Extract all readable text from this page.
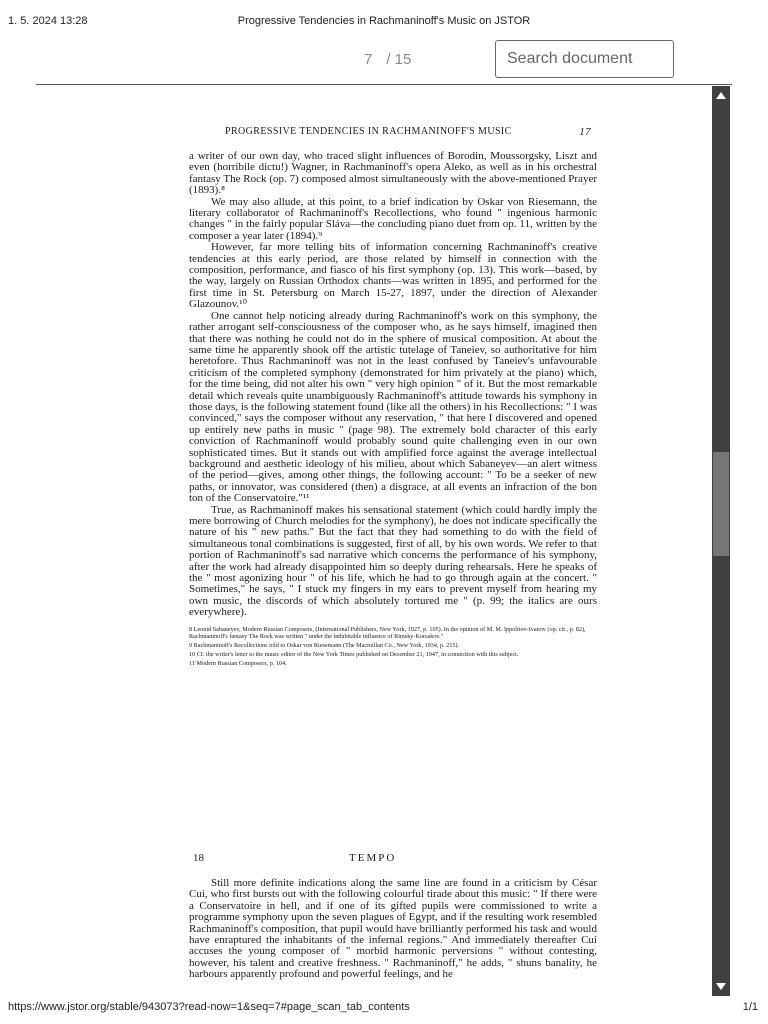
1. 5. 2024 13:28	Progressive Tendencies in Rachmaninoff's Music on JSTOR
7 / 15	Search document
PROGRESSIVE TENDENCIES IN RACHMANINOFF'S MUSIC	17

a writer of our own day, who traced slight influences of Borodin, Moussorgsky, Liszt and even (horribile dictu!) Wagner, in Rachmaninoff's opera Aleko, as well as in his orchestral fantasy The Rock (op. 7) composed almost simultaneously with the above-mentioned Prayer (1893).⁸

We may also allude, at this point, to a brief indication by Oskar von Riesemann, the literary collaborator of Rachmaninoff's Recollections, who found " ingenious harmonic changes " in the fairly popular Sláva—the concluding piano duet from op. 11, written by the composer a year later (1894).⁹

However, far more telling bits of information concerning Rachmaninoff's creative tendencies at this early period, are those related by himself in connection with the composition, performance, and fiasco of his first symphony (op. 13). This work—based, by the way, largely on Russian Orthodox chants—was written in 1895, and performed for the first time in St. Petersburg on March 15-27, 1897, under the direction of Alexander Glazounov.¹⁰

One cannot help noticing already during Rachmaninoff's work on this symphony, the rather arrogant self-consciousness of the composer who, as he says himself, imagined then that there was nothing he could not do in the sphere of musical composition. At about the same time he apparently shook off the artistic tutelage of Taneiev, so authoritative for him heretofore. Thus Rachmaninoff was not in the least confused by Taneiev's unfavourable criticism of the completed symphony (demonstrated for him privately at the piano) which, for the time being, did not alter his own " very high opinion " of it. But the most remarkable detail which reveals quite unambiguously Rachmaninoff's attitude towards his symphony in those days, is the following statement found (like all the others) in his Recollections: " I was convinced," says the composer without any reservation, " that here I discovered and opened up entirely new paths in music " (page 98). The extremely bold character of this early conviction of Rachmaninoff would probably sound quite challenging even in our own sophisticated times. But it stands out with amplified force against the average intellectual background and aesthetic ideology of his milieu, about which Sabaneyev—an alert witness of the period—gives, among other things, the following account: " To be a seeker of new paths, or innovator, was considered (then) a disgrace, at all events an infraction of the bon ton of the Conservatoire."¹¹

True, as Rachmaninoff makes his sensational statement (which could hardly imply the mere borrowing of Church melodies for the symphony), he does not indicate specifically the nature of his " new paths." But the fact that they had something to do with the field of simultaneous tonal combinations is suggested, first of all, by his own words. We refer to that portion of Rachmaninoff's sad narrative which concerns the performance of his symphony, after the work had already disappointed him so deeply during rehearsals. Here he speaks of the " most agonizing hour " of his life, which he had to go through again at the concert. " Sometimes," he says, " I stuck my fingers in my ears to prevent myself from hearing my own music, the discords of which absolutely tortured me " (p. 99; the italics are ours everywhere).

8 Leonid Sabaneyev, Modern Russian Composers, (International Publishers, New York, 1927, p. 105). In the opinion of M. M. Ippolitov-Ivanov (op. cit., p. 82), Rachmaninoff's fantasy The Rock was written " under the indubitable influence of Rimsky-Korsakov."

9 Rachmaninoff's Recollections told to Oskar von Riesemann (The Macmillan Co., New York, 1934, p. 215).

10 Cf. the writer's letter to the music editor of the New York Times published on December 21, 1947, in connection with this subject.

11 Modern Russian Composers, p. 104.

18	TEMPO

Still more definite indications along the same line are found in a criticism by César Cui, who first bursts out with the following colourful tirade about this music: " If there were a Conservatoire in hell, and if one of its gifted pupils were commissioned to write a programme symphony upon the seven plagues of Egypt, and if the resulting work resembled Rachmaninoff's composition, that pupil would have brilliantly performed his task and would have enraptured the inhabitants of the infernal regions." And immediately thereafter Cui accuses the young composer of " morbid harmonic perversions " without contesting, however, his talent and creative freshness. " Rachmaninoff," he adds, " shuns banality, he harbours apparently profound and powerful feelings, and he

https://www.jstor.org/stable/943073?read-now=1&seq=7#page_scan_tab_contents	1/1
